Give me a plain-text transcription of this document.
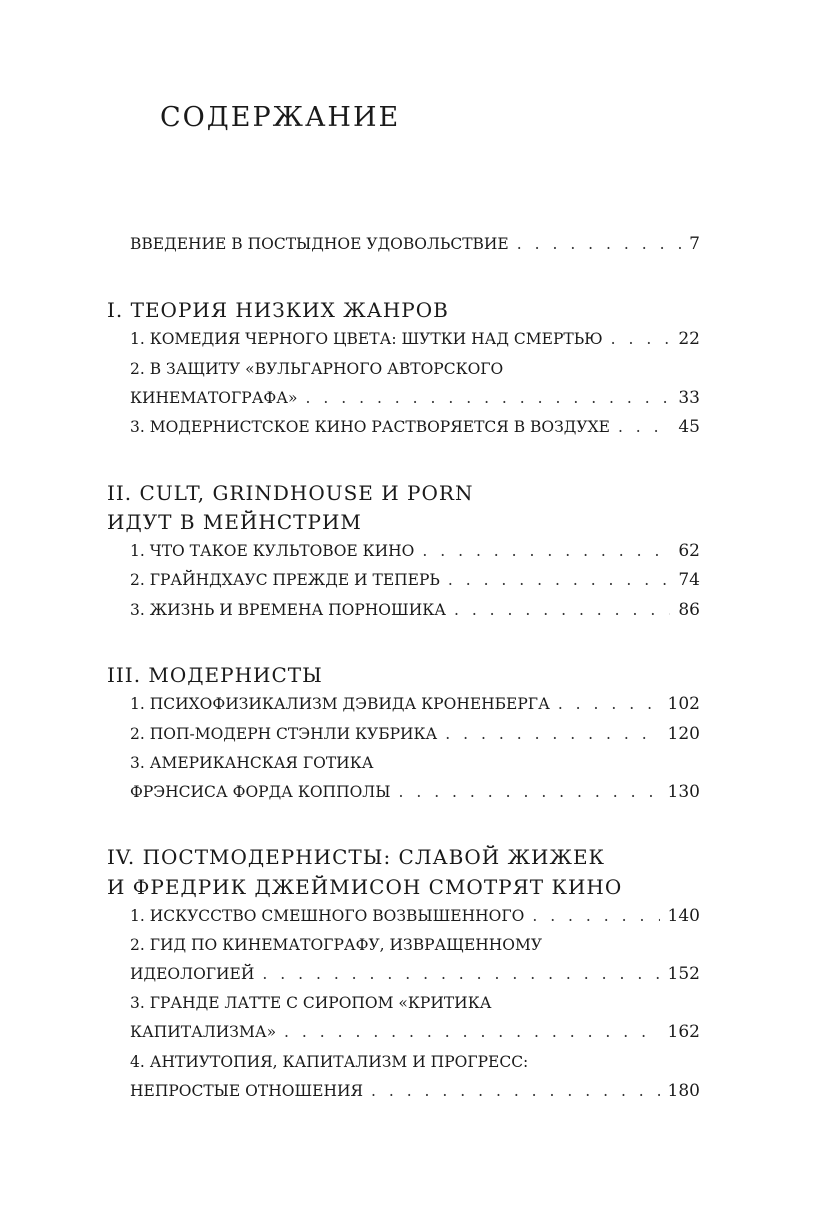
СОДЕРЖАНИЕ
ВВЕДЕНИЕ В ПОСТЫДНОЕ УДОВОЛЬСТВИЕ . . .	7
I. ТЕОРИЯ НИЗКИХ ЖАНРОВ
1. КОМЕДИЯ ЧЕРНОГО ЦВЕТА: ШУТКИ НАД СМЕРТЬЮ . . .	22
2. В ЗАЩИТУ «ВУЛЬГАРНОГО АВТОРСКОГО
КИНЕМАТОГРАФА» . . .	33
3. МОДЕРНИСТСКОЕ КИНО РАСТВОРЯЕТСЯ В ВОЗДУХЕ . . .	45
II. CULT, GRINDHOUSE И PORN
ИДУТ В МЕЙНСТРИМ
1. ЧТО ТАКОЕ КУЛЬТОВОЕ КИНО . . .	62
2. ГРАЙНДХАУС ПРЕЖДЕ И ТЕПЕРЬ . . .	74
3. ЖИЗНЬ И ВРЕМЕНА ПОРНОШИКА . . .	86
III. МОДЕРНИСТЫ
1. ПСИХОФИЗИКАЛИЗМ ДЭВИДА КРОНЕНБЕРГА . . .	102
2. ПОП-МОДЕРН СТЭНЛИ КУБРИКА . . .	120
3. АМЕРИКАНСКАЯ ГОТИКА
ФРЭНСИСА ФОРДА КОППОЛЫ . . .	130
IV. ПОСТМОДЕРНИСТЫ: СЛАВОЙ ЖИЖЕК
И ФРЕДРИК ДЖЕЙМИСОН СМОТРЯТ КИНО
1. ИСКУССТВО СМЕШНОГО ВОЗВЫШЕННОГО . . .	140
2. ГИД ПО КИНЕМАТОГРАФУ, ИЗВРАЩЕННОМУ
ИДЕОЛОГИЕЙ . . .	152
3. ГРАНДЕ ЛАТТЕ С СИРОПОМ «КРИТИКА
КАПИТАЛИЗМА» . . .	162
4. АНТИУТОПИЯ, КАПИТАЛИЗМ И ПРОГРЕСС:
НЕПРОСТЫЕ ОТНОШЕНИЯ . . .	180
